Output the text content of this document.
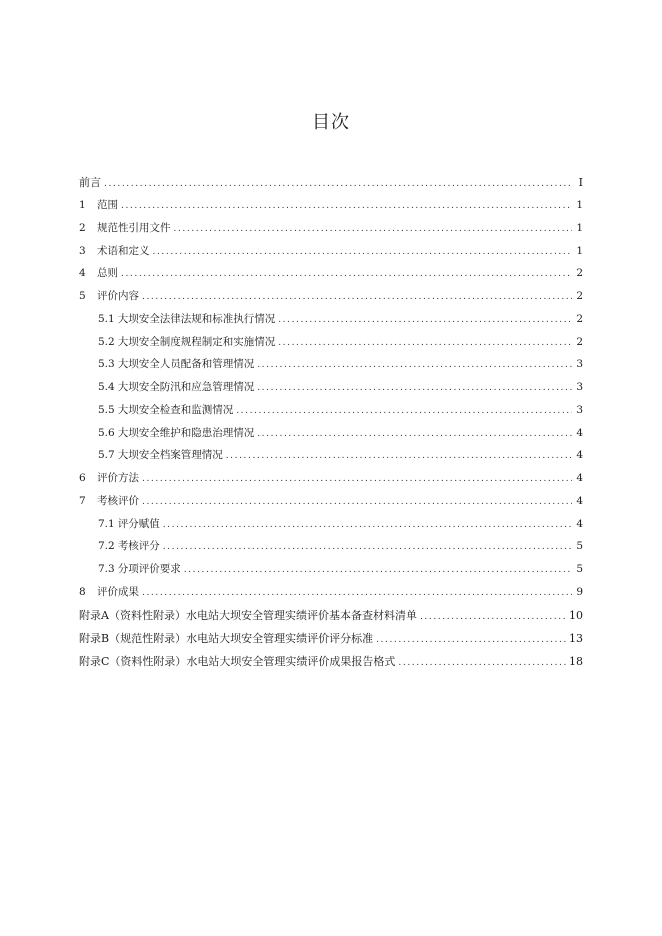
目次
前言 .....	I
1	范围 .....	1
2	规范性引用文件 .....	1
3	术语和定义 .....	1
4	总则 .....	2
5	评价内容 .....	2
5.1 大坝安全法律法规和标准执行情况 .....	2
5.2 大坝安全制度规程制定和实施情况 .....	2
5.3 大坝安全人员配备和管理情况 .....	3
5.4 大坝安全防汛和应急管理情况 .....	3
5.5 大坝安全检查和监测情况 .....	3
5.6 大坝安全维护和隐患治理情况 .....	4
5.7 大坝安全档案管理情况 .....	4
6	评价方法 .....	4
7	考核评价 .....	4
7.1 评分赋值 .....	4
7.2 考核评分 .....	5
7.3 分项评价要求 .....	5
8	评价成果 .....	9
附录A（资料性附录）水电站大坝安全管理实绩评价基本备查材料清单 .....	10
附录B（规范性附录）水电站大坝安全管理实绩评价评分标准 .....	13
附录C（资料性附录）水电站大坝安全管理实绩评价成果报告格式 .....	18
